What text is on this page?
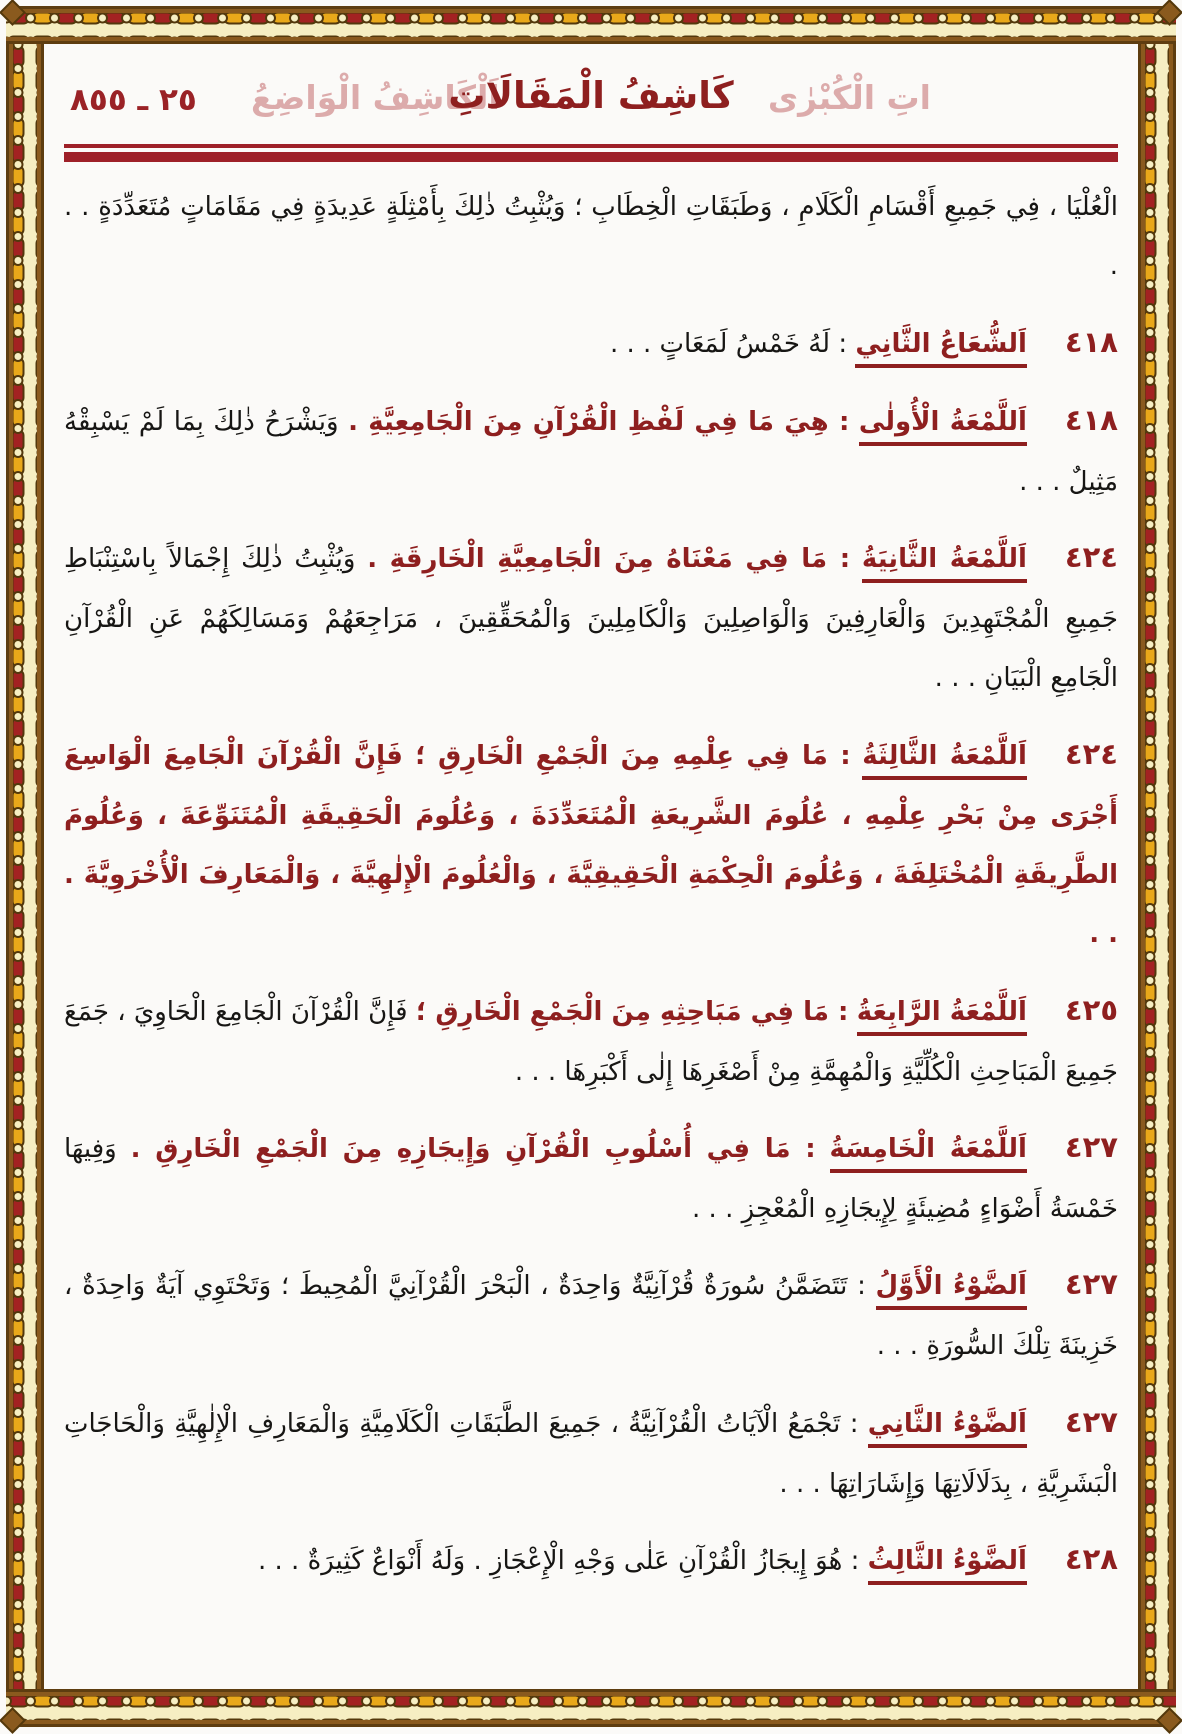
٢٥ ـ ٨٥٥	اتِ الْكُبْرٰى
اَلْكَاشِفُ الْوَاضِعُ
كَاشِفُ الْمَقَالَاتِ
الْعُلْيَا ، فِي جَمِيعِ أَقْسَامِ الْكَلَامِ ، وَطَبَقَاتِ الْخِطَابِ ؛ وَيُثْبِتُ ذٰلِكَ بِأَمْثِلَةٍ عَدِيدَةٍ فِي مَقَامَاتٍ مُتَعَدِّدَةٍ . . .
٤١٨اَلشُّعَاعُ الثَّانِي : لَهُ خَمْسُ لَمَعَاتٍ . . .
٤١٨اَللَّمْعَةُ الْأُولٰى : هِيَ مَا فِي لَفْظِ الْقُرْآنِ مِنَ الْجَامِعِيَّةِ . وَيَشْرَحُ ذٰلِكَ بِمَا لَمْ يَسْبِقْهُ مَثِيلٌ . . .
٤٢٤اَللَّمْعَةُ الثَّانِيَةُ : مَا فِي مَعْنَاهُ مِنَ الْجَامِعِيَّةِ الْخَارِقَةِ . وَيُثْبِتُ ذٰلِكَ إِجْمَالاً بِاسْتِنْبَاطِ جَمِيعِ الْمُجْتَهِدِينَ وَالْعَارِفِينَ وَالْوَاصِلِينَ وَالْكَامِلِينَ وَالْمُحَقِّقِينَ ، مَرَاجِعَهُمْ وَمَسَالِكَهُمْ عَنِ الْقُرْآنِ الْجَامِعِ الْبَيَانِ . . .
٤٢٤اَللَّمْعَةُ الثَّالِثَةُ : مَا فِي عِلْمِهِ مِنَ الْجَمْعِ الْخَارِقِ ؛ فَإِنَّ الْقُرْآنَ الْجَامِعَ الْوَاسِعَ أَجْرَى مِنْ بَحْرِ عِلْمِهِ ، عُلُومَ الشَّرِيعَةِ الْمُتَعَدِّدَةَ ، وَعُلُومَ الْحَقِيقَةِ الْمُتَنَوِّعَةَ ، وَعُلُومَ الطَّرِيقَةِ الْمُخْتَلِفَةَ ، وَعُلُومَ الْحِكْمَةِ الْحَقِيقِيَّةَ ، وَالْعُلُومَ الْإِلٰهِيَّةَ ، وَالْمَعَارِفَ الْأُخْرَوِيَّةَ . . .
٤٢٥اَللَّمْعَةُ الرَّابِعَةُ : مَا فِي مَبَاحِثِهِ مِنَ الْجَمْعِ الْخَارِقِ ؛ فَإِنَّ الْقُرْآنَ الْجَامِعَ الْحَاوِيَ ، جَمَعَ جَمِيعَ الْمَبَاحِثِ الْكُلِّيَّةِ وَالْمُهِمَّةِ مِنْ أَصْغَرِهَا إِلٰى أَكْبَرِهَا . . .
٤٢٧اَللَّمْعَةُ الْخَامِسَةُ : مَا فِي أُسْلُوبِ الْقُرْآنِ وَإِيجَازِهِ مِنَ الْجَمْعِ الْخَارِقِ . وَفِيهَا خَمْسَةُ أَضْوَاءٍ مُضِيئَةٍ لِإِيجَازِهِ الْمُعْجِزِ . . .
٤٢٧اَلضَّوْءُ الْأَوَّلُ : تَتَضَمَّنُ سُورَةٌ قُرْآنِيَّةٌ وَاحِدَةٌ ، الْبَحْرَ الْقُرْآنِيَّ الْمُحِيطَ ؛ وَتَحْتَوِي آيَةٌ وَاحِدَةٌ ، خَزِينَةَ تِلْكَ السُّورَةِ . . .
٤٢٧اَلضَّوْءُ الثَّانِي : تَجْمَعُ الْآيَاتُ الْقُرْآنِيَّةُ ، جَمِيعَ الطَّبَقَاتِ الْكَلَامِيَّةِ وَالْمَعَارِفِ الْإِلٰهِيَّةِ وَالْحَاجَاتِ الْبَشَرِيَّةِ ، بِدَلَالَاتِهَا وَإِشَارَاتِهَا . . .
٤٢٨اَلضَّوْءُ الثَّالِثُ : هُوَ إِيجَازُ الْقُرْآنِ عَلٰى وَجْهِ الْإِعْجَازِ . وَلَهُ أَنْوَاعٌ كَثِيرَةٌ . . .
